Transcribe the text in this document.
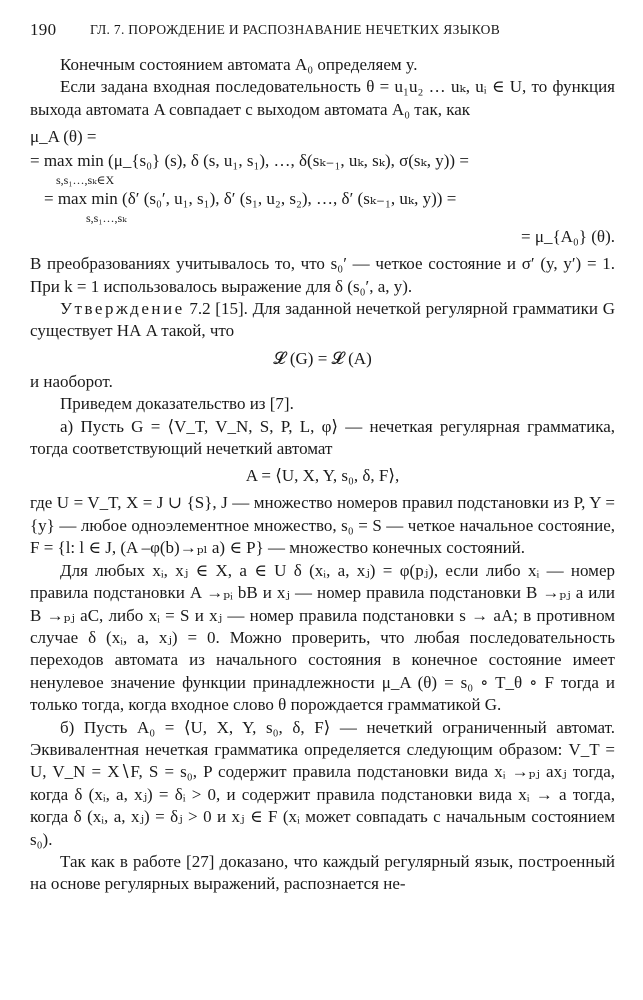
190 ГЛ. 7. ПОРОЖДЕНИЕ И РАСПОЗНАВАНИЕ НЕЧЕТКИХ ЯЗЫКОВ

Конечным состоянием автомата A₀ определяем y.

Если задана входная последовательность θ = u₁u₂ … uₖ, uᵢ ∈ U, то функция выхода автомата A совпадает с выходом автомата A₀ так, как

μ_A (θ) =

= max min (μ_{s₀} (s), δ (s, u₁, s₁), …, δ(sₖ₋₁, uₖ, sₖ), σ(sₖ, y)) =

s,s₁…,sₖ∈X

= max min (δ′ (s₀′, u₁, s₁), δ′ (s₁, u₂, s₂), …, δ′ (sₖ₋₁, uₖ, y)) =

s,s₁…,sₖ

= μ_{A₀} (θ).

В преобразованиях учитывалось то, что s₀′ — четкое состояние и σ′ (y, y′) = 1. При k = 1 использовалось выражение для δ (s₀′, a, y).

Утверждение 7.2 [15]. Для заданной нечеткой регулярной грамматики G существует НА A такой, что

𝓛 (G) = 𝓛 (A)

и наоборот.

Приведем доказательство из [7].

а) Пусть G = ⟨V_T, V_N, S, P, L, φ⟩ — нечеткая регулярная грамматика, тогда соответствующий нечеткий автомат

A = ⟨U, X, Y, s₀, δ, F⟩,

где U = V_T, X = J ∪ {S}, J — множество номеров правил подстановки из P, Y = {y} — любое одноэлементное множество, s₀ = S — четкое начальное состояние, F = {l: l ∈ J, (A –φ(b)→ₚₗ a) ∈ P} — множество конечных состояний.

Для любых xᵢ, xⱼ ∈ X, a ∈ U δ (xᵢ, a, xⱼ) = φ(pⱼ), если либо xᵢ — номер правила подстановки A →ₚᵢ bB и xⱼ — номер правила подстановки B →ₚⱼ a или B →ₚⱼ aC, либо xᵢ = S и xⱼ — номер правила подстановки s → aA; в противном случае δ (xᵢ, a, xⱼ) = 0. Можно проверить, что любая последовательность переходов автомата из начального состояния в конечное состояние имеет ненулевое значение функции принадлежности μ_A (θ) = s₀ ∘ T_θ ∘ F тогда и только тогда, когда входное слово θ порождается грамматикой G.

б) Пусть A₀ = ⟨U, X, Y, s₀, δ, F⟩ — нечеткий ограниченный автомат. Эквивалентная нечеткая грамматика определяется следующим образом: V_T = U, V_N = X∖F, S = s₀, P содержит правила подстановки вида xᵢ →ₚⱼ axⱼ тогда, когда δ (xᵢ, a, xⱼ) = δᵢ > 0, и содержит правила подстановки вида xᵢ → a тогда, когда δ (xᵢ, a, xⱼ) = δⱼ > 0 и xⱼ ∈ F (xᵢ может совпадать с начальным состоянием s₀).

Так как в работе [27] доказано, что каждый регулярный язык, построенный на основе регулярных выражений, распознается не-
